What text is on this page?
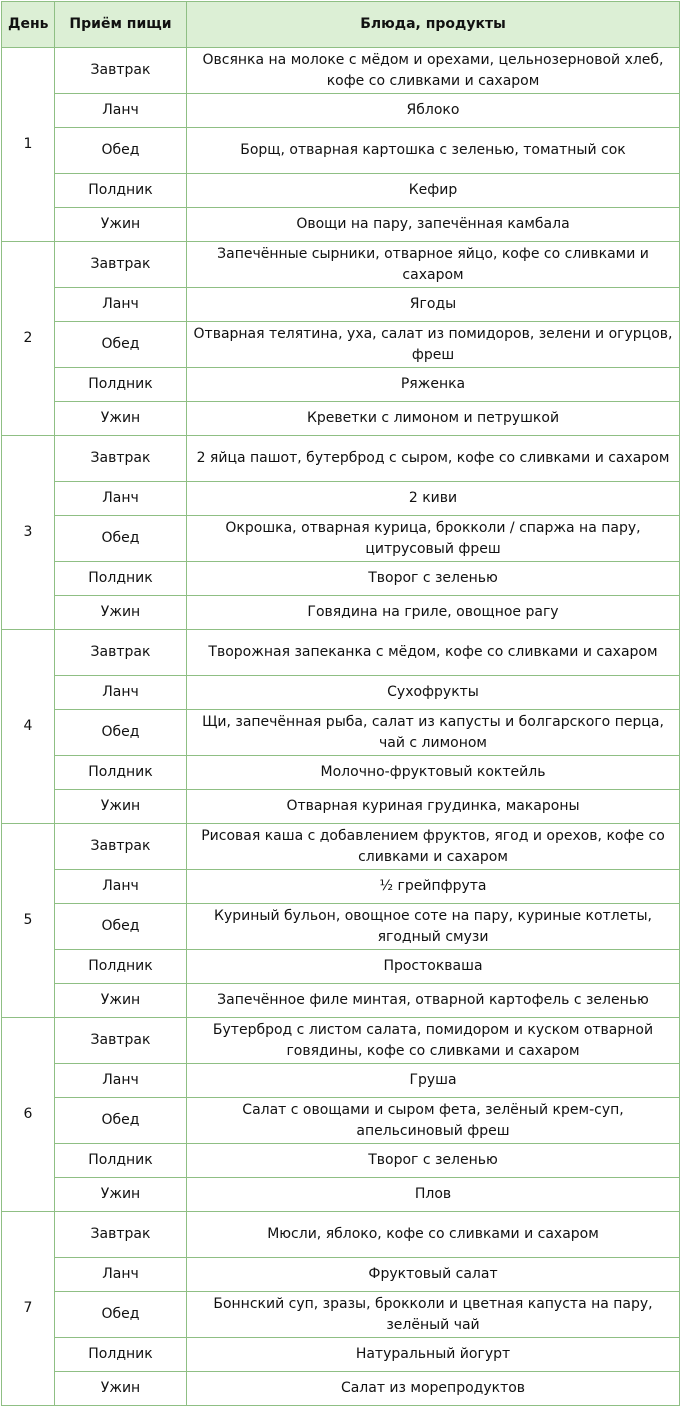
День	Приём пищи	Блюда, продукты
1	Завтрак	Овсянка на молоке с мёдом и орехами, цельнозерновой хлеб, кофе со сливками и сахаром
	Ланч	Яблоко
	Обед	Борщ, отварная картошка с зеленью, томатный сок
	Полдник	Кефир
	Ужин	Овощи на пару, запечённая камбала
2	Завтрак	Запечённые сырники, отварное яйцо, кофе со сливками и сахаром
	Ланч	Ягоды
	Обед	Отварная телятина, уха, салат из помидоров, зелени и огурцов, фреш
	Полдник	Ряженка
	Ужин	Креветки с лимоном и петрушкой
3	Завтрак	2 яйца пашот, бутерброд с сыром, кофе со сливками и сахаром
	Ланч	2 киви
	Обед	Окрошка, отварная курица, брокколи / спаржа на пару, цитрусовый фреш
	Полдник	Творог с зеленью
	Ужин	Говядина на гриле, овощное рагу
4	Завтрак	Творожная запеканка с мёдом, кофе со сливками и сахаром
	Ланч	Сухофрукты
	Обед	Щи, запечённая рыба, салат из капусты и болгарского перца, чай с лимоном
	Полдник	Молочно-фруктовый коктейль
	Ужин	Отварная куриная грудинка, макароны
5	Завтрак	Рисовая каша с добавлением фруктов, ягод и орехов, кофе со сливками и сахаром
	Ланч	½ грейпфрута
	Обед	Куриный бульон, овощное соте на пару, куриные котлеты, ягодный смузи
	Полдник	Простокваша
	Ужин	Запечённое филе минтая, отварной картофель с зеленью
6	Завтрак	Бутерброд с листом салата, помидором и куском отварной говядины, кофе со сливками и сахаром
	Ланч	Груша
	Обед	Салат с овощами и сыром фета, зелёный крем-суп, апельсиновый фреш
	Полдник	Творог с зеленью
	Ужин	Плов
7	Завтрак	Мюсли, яблоко, кофе со сливками и сахаром
	Ланч	Фруктовый салат
	Обед	Боннский суп, зразы, брокколи и цветная капуста на пару, зелёный чай
	Полдник	Натуральный йогурт
	Ужин	Салат из морепродуктов
